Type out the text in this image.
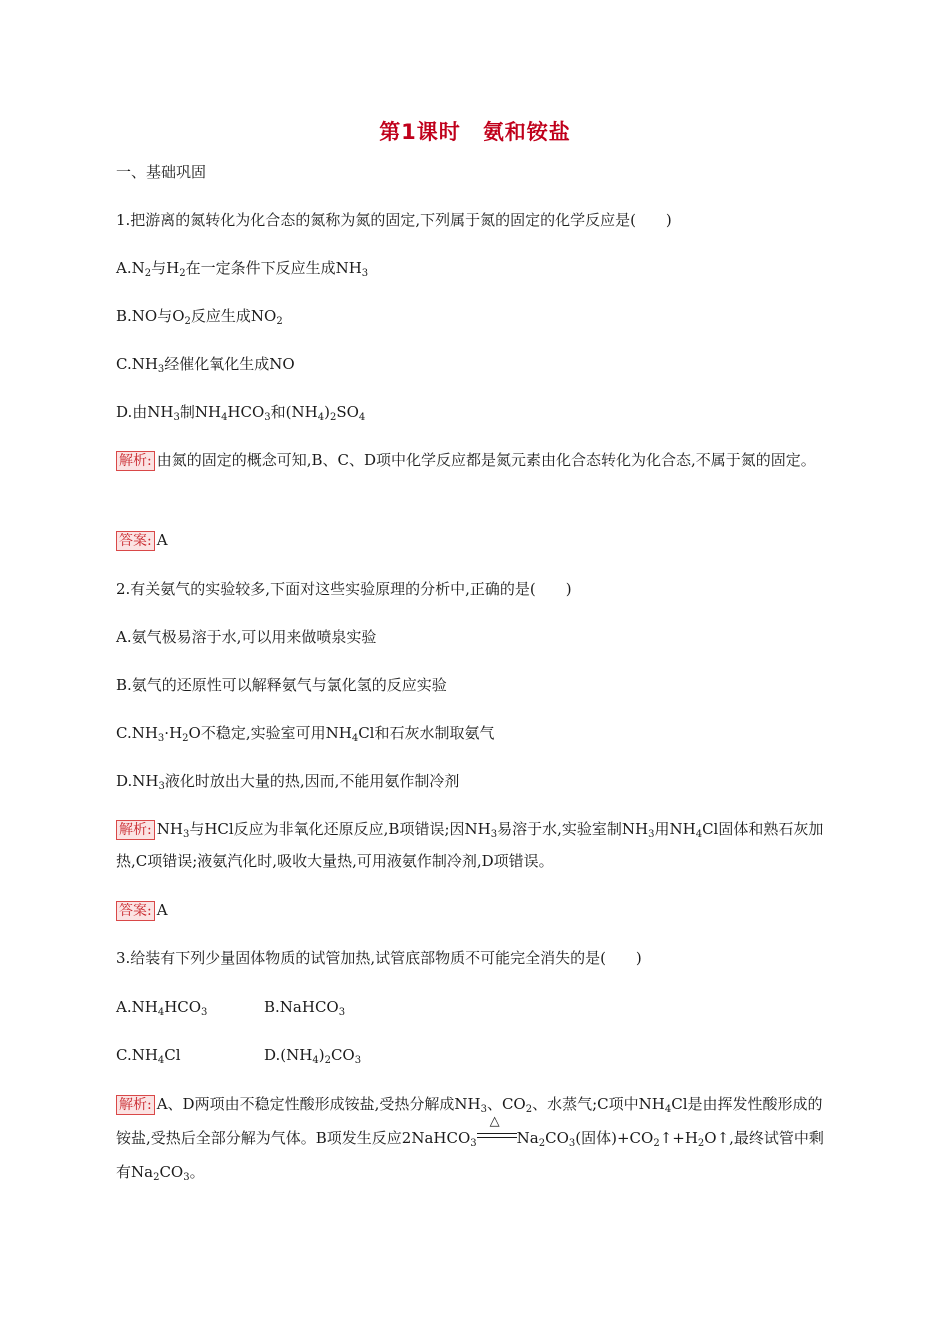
第1课时 氨和铵盐
一、基础巩固
1.把游离的氮转化为化合态的氮称为氮的固定,下列属于氮的固定的化学反应是(　　)
$A.N_2$与$H_2$在一定条件下反应生成$NH_3$
B.NO与$O_2$反应生成$NO_2$
$C.NH_3$经催化氧化生成NO
D.由$NH_3$制$NH_4HCO_3$和$(NH_4)_2SO_4$
解析: 由氮的固定的概念可知,B、C、D项中化学反应都是氮元素由化合态转化为化合态,不属于氮的固定。
答案: A
2.有关氨气的实验较多,下面对这些实验原理的分析中,正确的是(　　)
A.氨气极易溶于水,可以用来做喷泉实验
B.氨气的还原性可以解释氨气与氯化氢的反应实验
$C.NH_3\cdot H_2O$不稳定,实验室可用$NH_4Cl$和石灰水制取氨气
$D.NH_3$液化时放出大量的热,因而,不能用氨作制冷剂
解析: $NH_3$与HCl反应为非氧化还原反应,B项错误;因$NH_3$易溶于水,实验室制$NH_3$用$NH_4Cl$固体和熟石灰加热,C项错误;液氨汽化时,吸收大量热,可用液氨作制冷剂,D项错误。
答案: A
3.给装有下列少量固体物质的试管加热,试管底部物质不可能完全消失的是(　　)
$A.NH_4HCO_3$	B.NaHCO$_3$
$C.NH_4Cl$	$D.(NH_4)_2CO_3$
解析: A、D两项由不稳定性酸形成铵盐,受热分解成$NH_3$、$CO_2$、水蒸气;C项中$NH_4Cl$是由挥发性酸形成的铵盐,受热后全部分解为气体。B项发生反应2NaHCO$_3$
△
$Na_2CO_3$(固体)$+CO_2↑+H_2O↑$,最终试管中剩有$Na_2CO_3$。
